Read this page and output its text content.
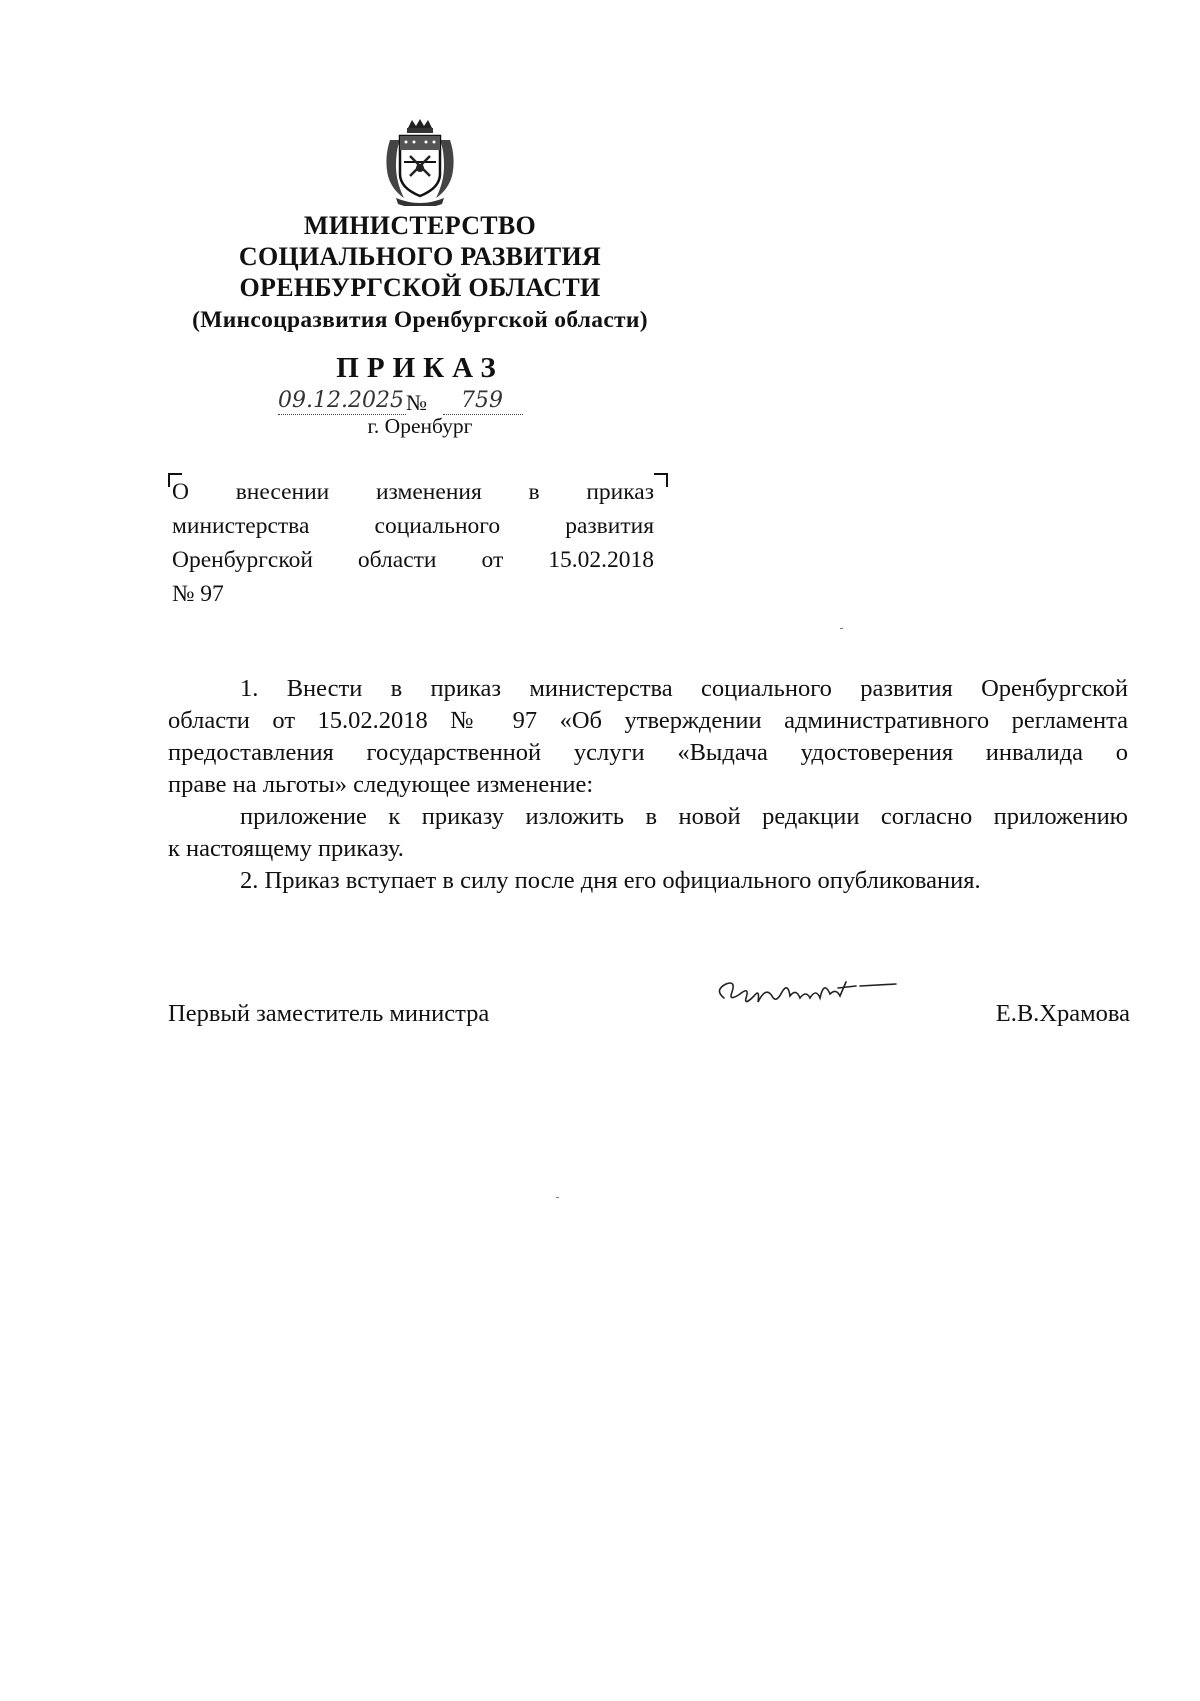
МИНИСТЕРСТВО
СОЦИАЛЬНОГО РАЗВИТИЯ
ОРЕНБУРГСКОЙ ОБЛАСТИ
(Минсоцразвития Оренбургской области)
ПРИКАЗ
09.12.2025 № 759
г. Оренбург
О внесении изменения в приказ
министерства социального развития
Оренбургской области от 15.02.2018
№ 97
1. Внести в приказ министерства социального развития Оренбургской
области от 15.02.2018 № 97 «Об утверждении административного регламента
предоставления государственной услуги «Выдача удостоверения инвалида о
праве на льготы» следующее изменение:
приложение к приказу изложить в новой редакции согласно приложению
к настоящему приказу.
2. Приказ вступает в силу после дня его официального опубликования.
Первый заместитель министра	Е.В.Храмова
